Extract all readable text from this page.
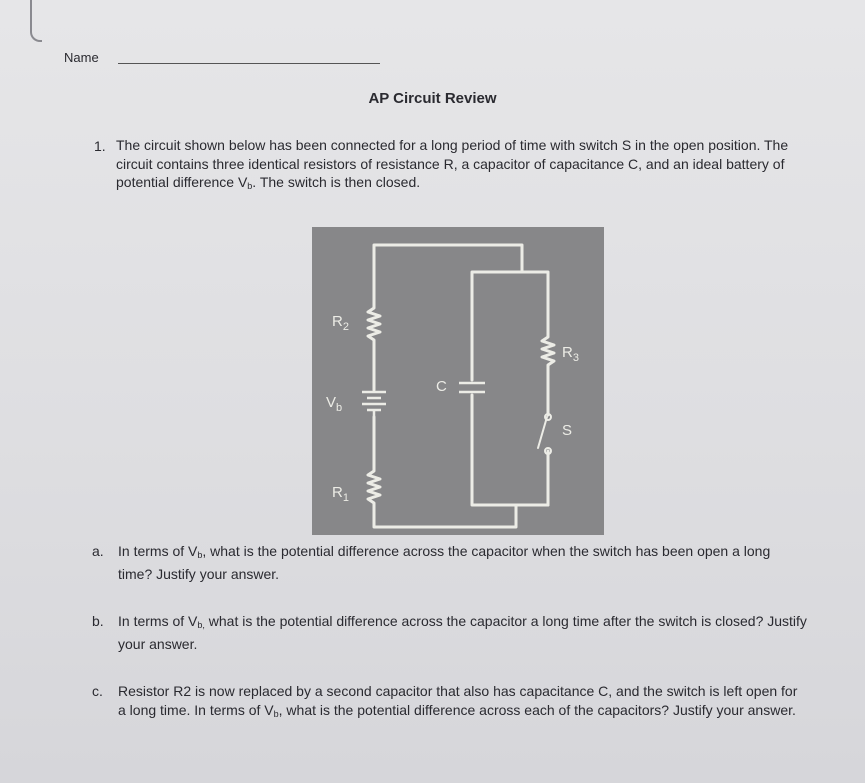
Name
AP Circuit Review
1. The circuit shown below has been connected for a long period of time with switch S in the open position. The circuit contains three identical resistors of resistance R, a capacitor of capacitance C, and an ideal battery of potential difference $V_b$. The switch is then closed.
$R_2$
$R_3$
$R_1$
$V_b$
C
S
a. In terms of $V_b$, what is the potential difference across the capacitor when the switch has been open a long time? Justify your answer.
b. In terms of $V_{b,}$ what is the potential difference across the capacitor a long time after the switch is closed? Justify your answer.
c. Resistor R2 is now replaced by a second capacitor that also has capacitance C, and the switch is left open for a long time. In terms of $V_b$, what is the potential difference across each of the capacitors? Justify your answer.
